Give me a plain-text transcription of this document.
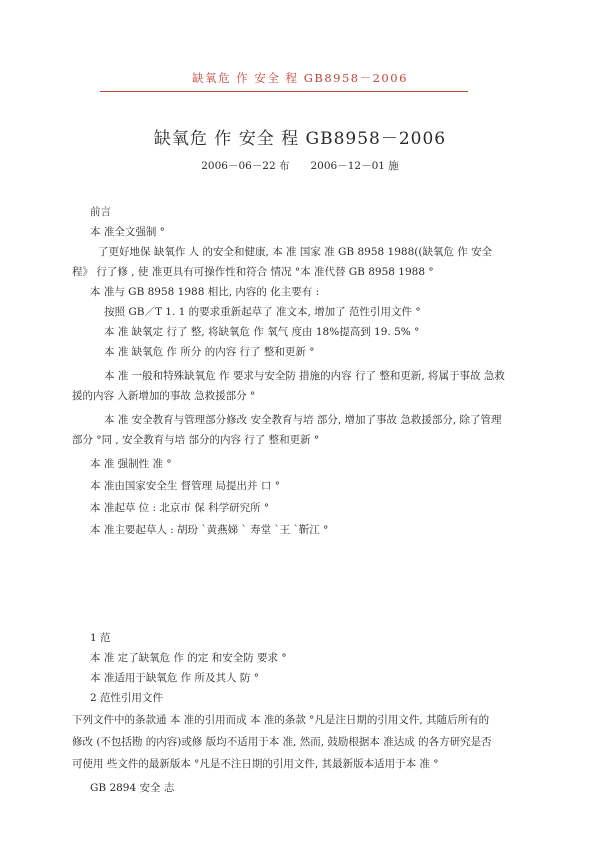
缺氧危 作 安全 程 GB8958－2006
缺氧危 作 安全 程 GB8958－2006
2006－06－22 布　　2006－12－01 施
前言
本 准全文强制 °
了更好地保 缺氧作 人 的安全和健康, 本 准 国家 准 GB 8958 1988((缺氧危 作 安全
程》 行了修 , 使 准更具有可操作性和符合 情况 °本 准代替 GB 8958 1988 °
本 准与 GB 8958 1988 相比, 内容的 化主要有 :
按照 GB／T 1. 1 的要求重新起草了 准文本, 增加了 范性引用文件 °
本 准 缺氧定 行了 整, 将缺氧危 作 氧气 度由 18%提高到 19. 5% °
本 准 缺氧危 作 所分 的内容 行了 整和更新 °
本 准 一般和特殊缺氧危 作 要求与安全防 措施的内容 行了 整和更新, 将属于事故 急救
援的内容 入新增加的事故 急救援部分 °
本 准 安全教育与管理部分修改 安全教育与培 部分, 增加了事故 急救援部分, 除了管理
部分 °同 , 安全教育与培 部分的内容 行了 整和更新 °
本 准 强制性 准 °
本 准由国家安全生 督管理 局提出并 口 °
本 准起草 位 : 北京市 保 科学研究所 °
本 准主要起草人 : 胡玢 `黄燕娣 ` 寿堂 `王 `靳江 °
1 范
本 准 定了缺氧危 作 的定 和安全防 要求 °
本 准适用于缺氧危 作 所及其人 防 °
2 范性引用文件
下列文件中的条款通 本 准的引用而成 本 准的条款 °凡是注日期的引用文件, 其随后所有的
修改 (不包括勘 的内容)或修 版均不适用于本 准, 然而, 鼓励根据本 准达成 的各方研究是否
可使用 些文件的最新版本 °凡是不注日期的引用文件, 其最新版本适用于本 准 °
GB 2894 安全 志
